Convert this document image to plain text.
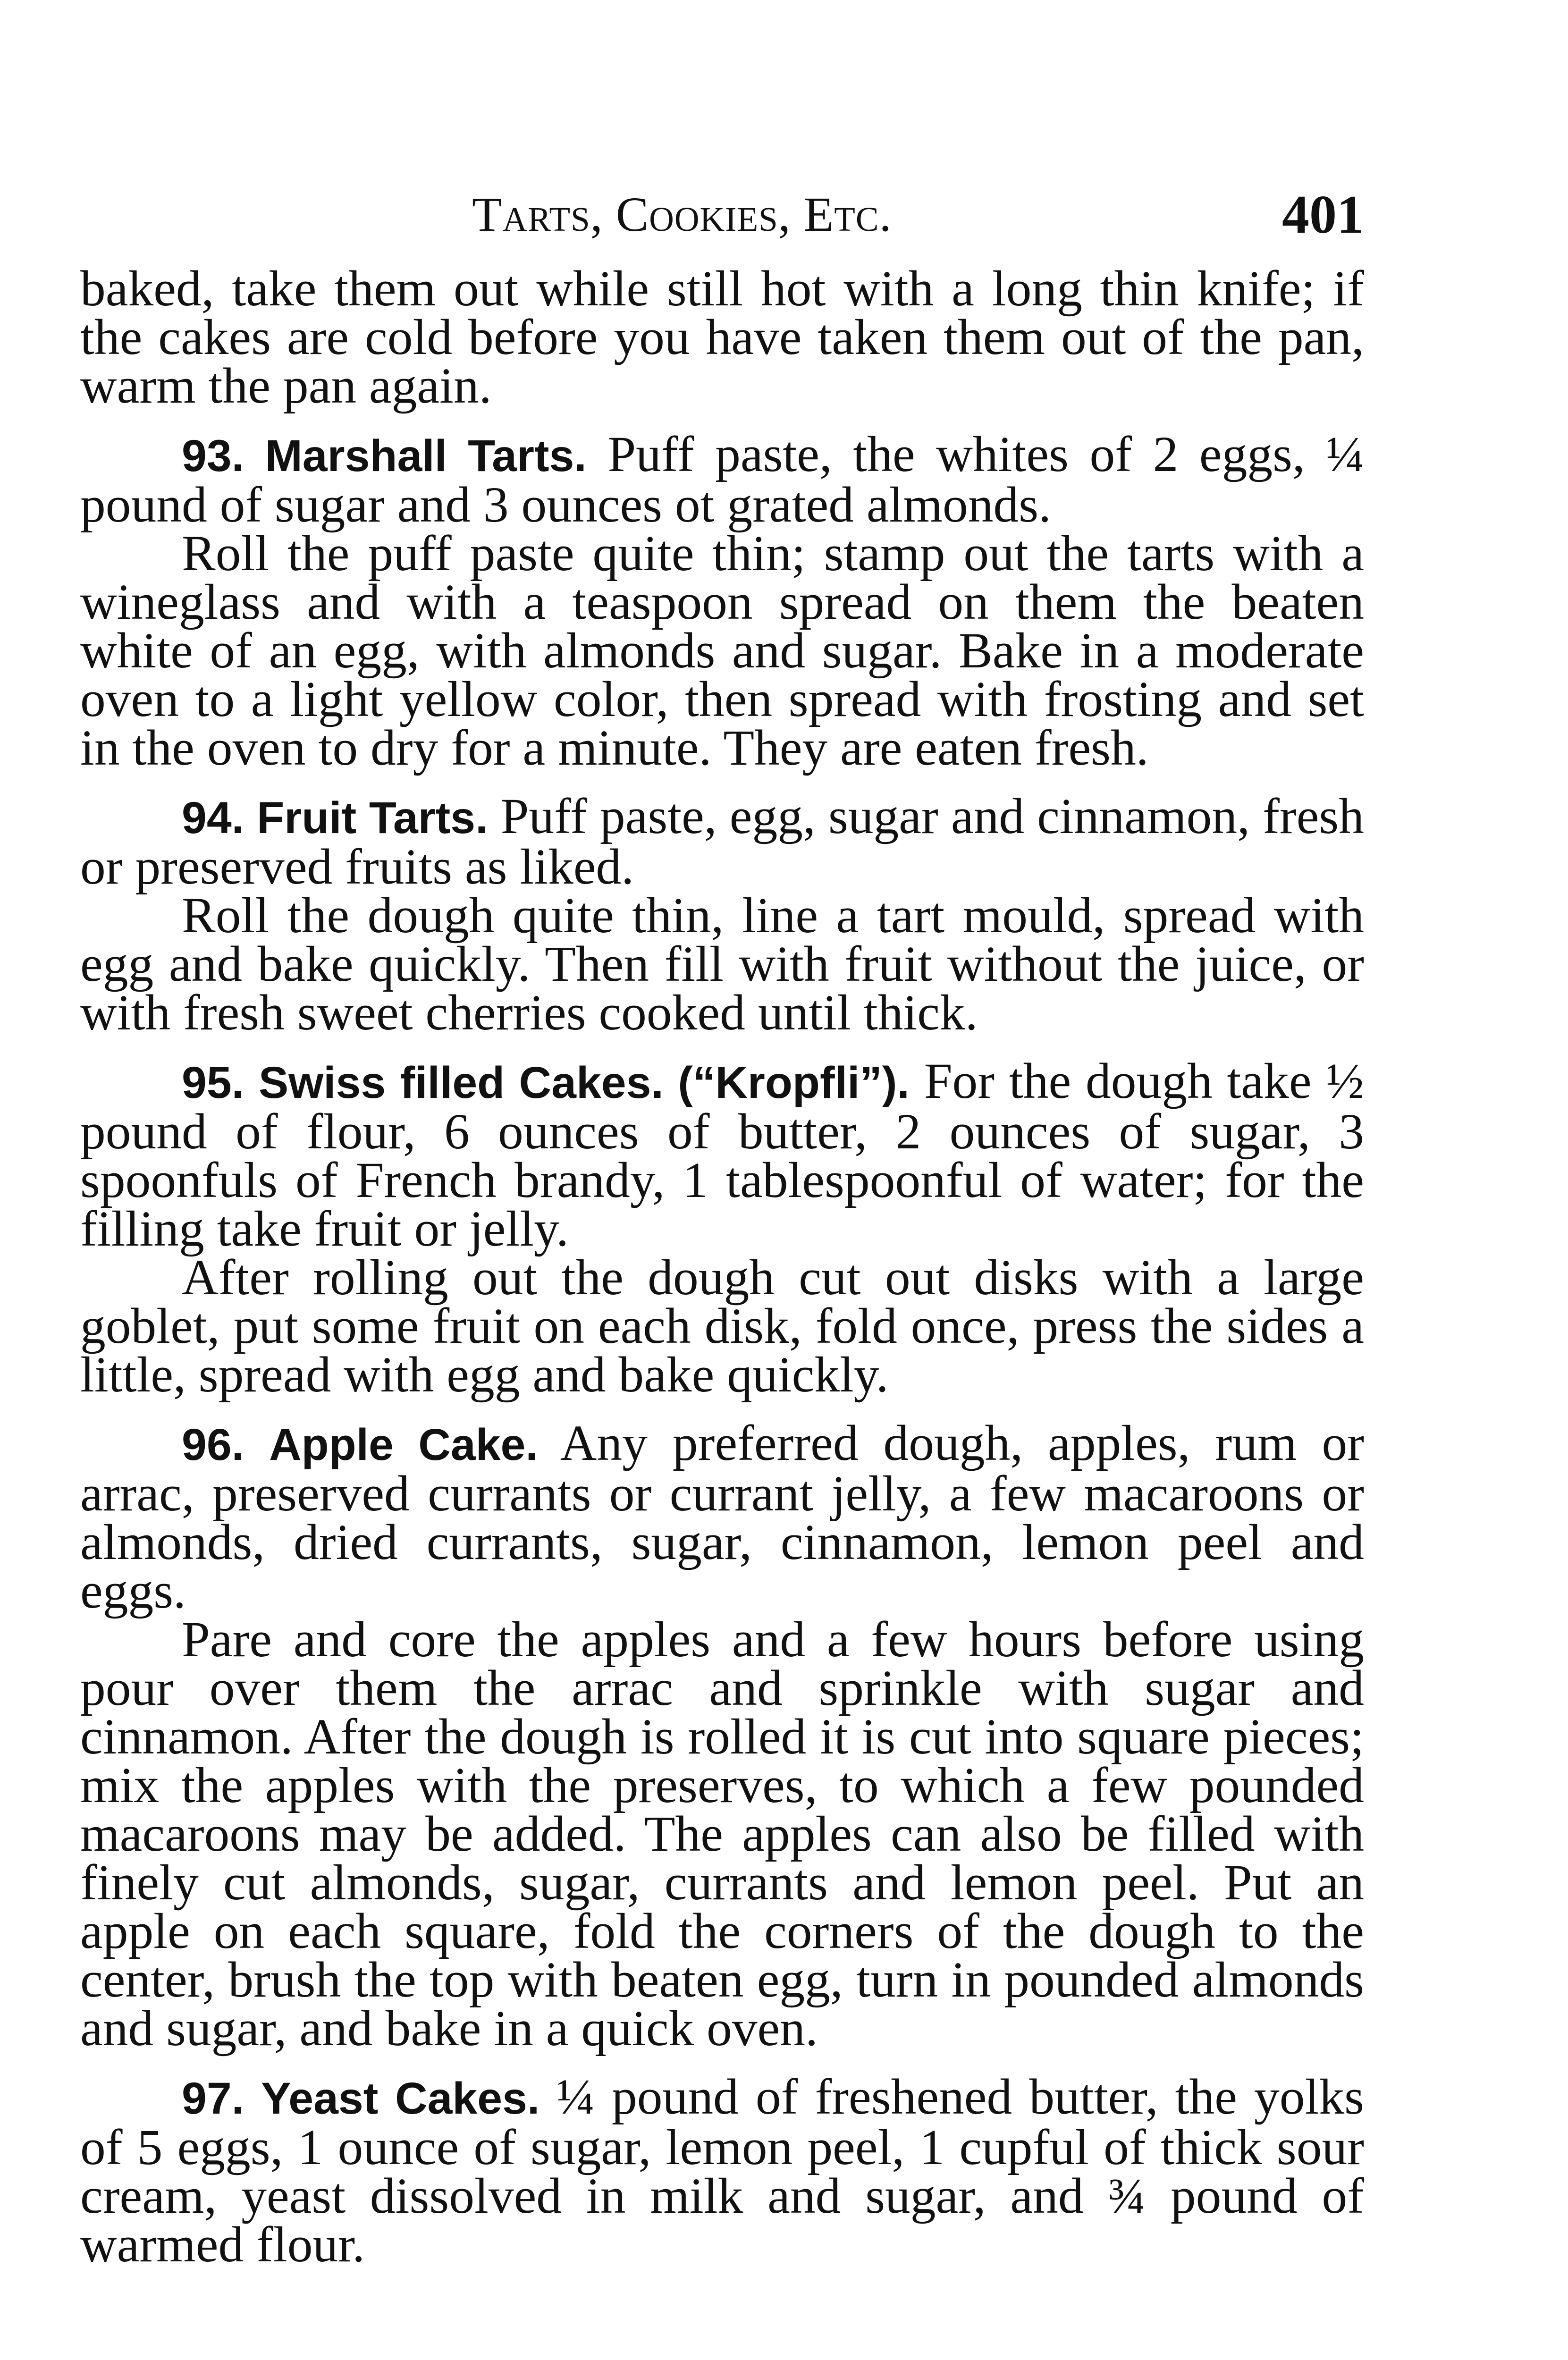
Tarts, Cookies, Etc.	401

baked, take them out while still hot with a long thin knife; if the cakes are cold before you have taken them out of the pan, warm the pan again.

93. Marshall Tarts. Puff paste, the whites of 2 eggs, ¼ pound of sugar and 3 ounces ot grated almonds.

Roll the puff paste quite thin; stamp out the tarts with a wineglass and with a teaspoon spread on them the beaten white of an egg, with almonds and sugar. Bake in a moderate oven to a light yellow color, then spread with frosting and set in the oven to dry for a minute. They are eaten fresh.

94. Fruit Tarts. Puff paste, egg, sugar and cinnamon, fresh or preserved fruits as liked.

Roll the dough quite thin, line a tart mould, spread with egg and bake quickly. Then fill with fruit without the juice, or with fresh sweet cherries cooked until thick.

95. Swiss filled Cakes. (“Kropfli”). For the dough take ½ pound of flour, 6 ounces of butter, 2 ounces of sugar, 3 spoonfuls of French brandy, 1 tablespoonful of water; for the filling take fruit or jelly.

After rolling out the dough cut out disks with a large goblet, put some fruit on each disk, fold once, press the sides a little, spread with egg and bake quickly.

96. Apple Cake. Any preferred dough, apples, rum or arrac, preserved currants or currant jelly, a few macaroons or almonds, dried currants, sugar, cinnamon, lemon peel and eggs.

Pare and core the apples and a few hours before using pour over them the arrac and sprinkle with sugar and cinnamon. After the dough is rolled it is cut into square pieces; mix the apples with the preserves, to which a few pounded macaroons may be added. The apples can also be filled with finely cut almonds, sugar, currants and lemon peel. Put an apple on each square, fold the corners of the dough to the center, brush the top with beaten egg, turn in pounded almonds and sugar, and bake in a quick oven.

97. Yeast Cakes. ¼ pound of freshened butter, the yolks of 5 eggs, 1 ounce of sugar, lemon peel, 1 cupful of thick sour cream, yeast dissolved in milk and sugar, and ¾ pound of warmed flour.
